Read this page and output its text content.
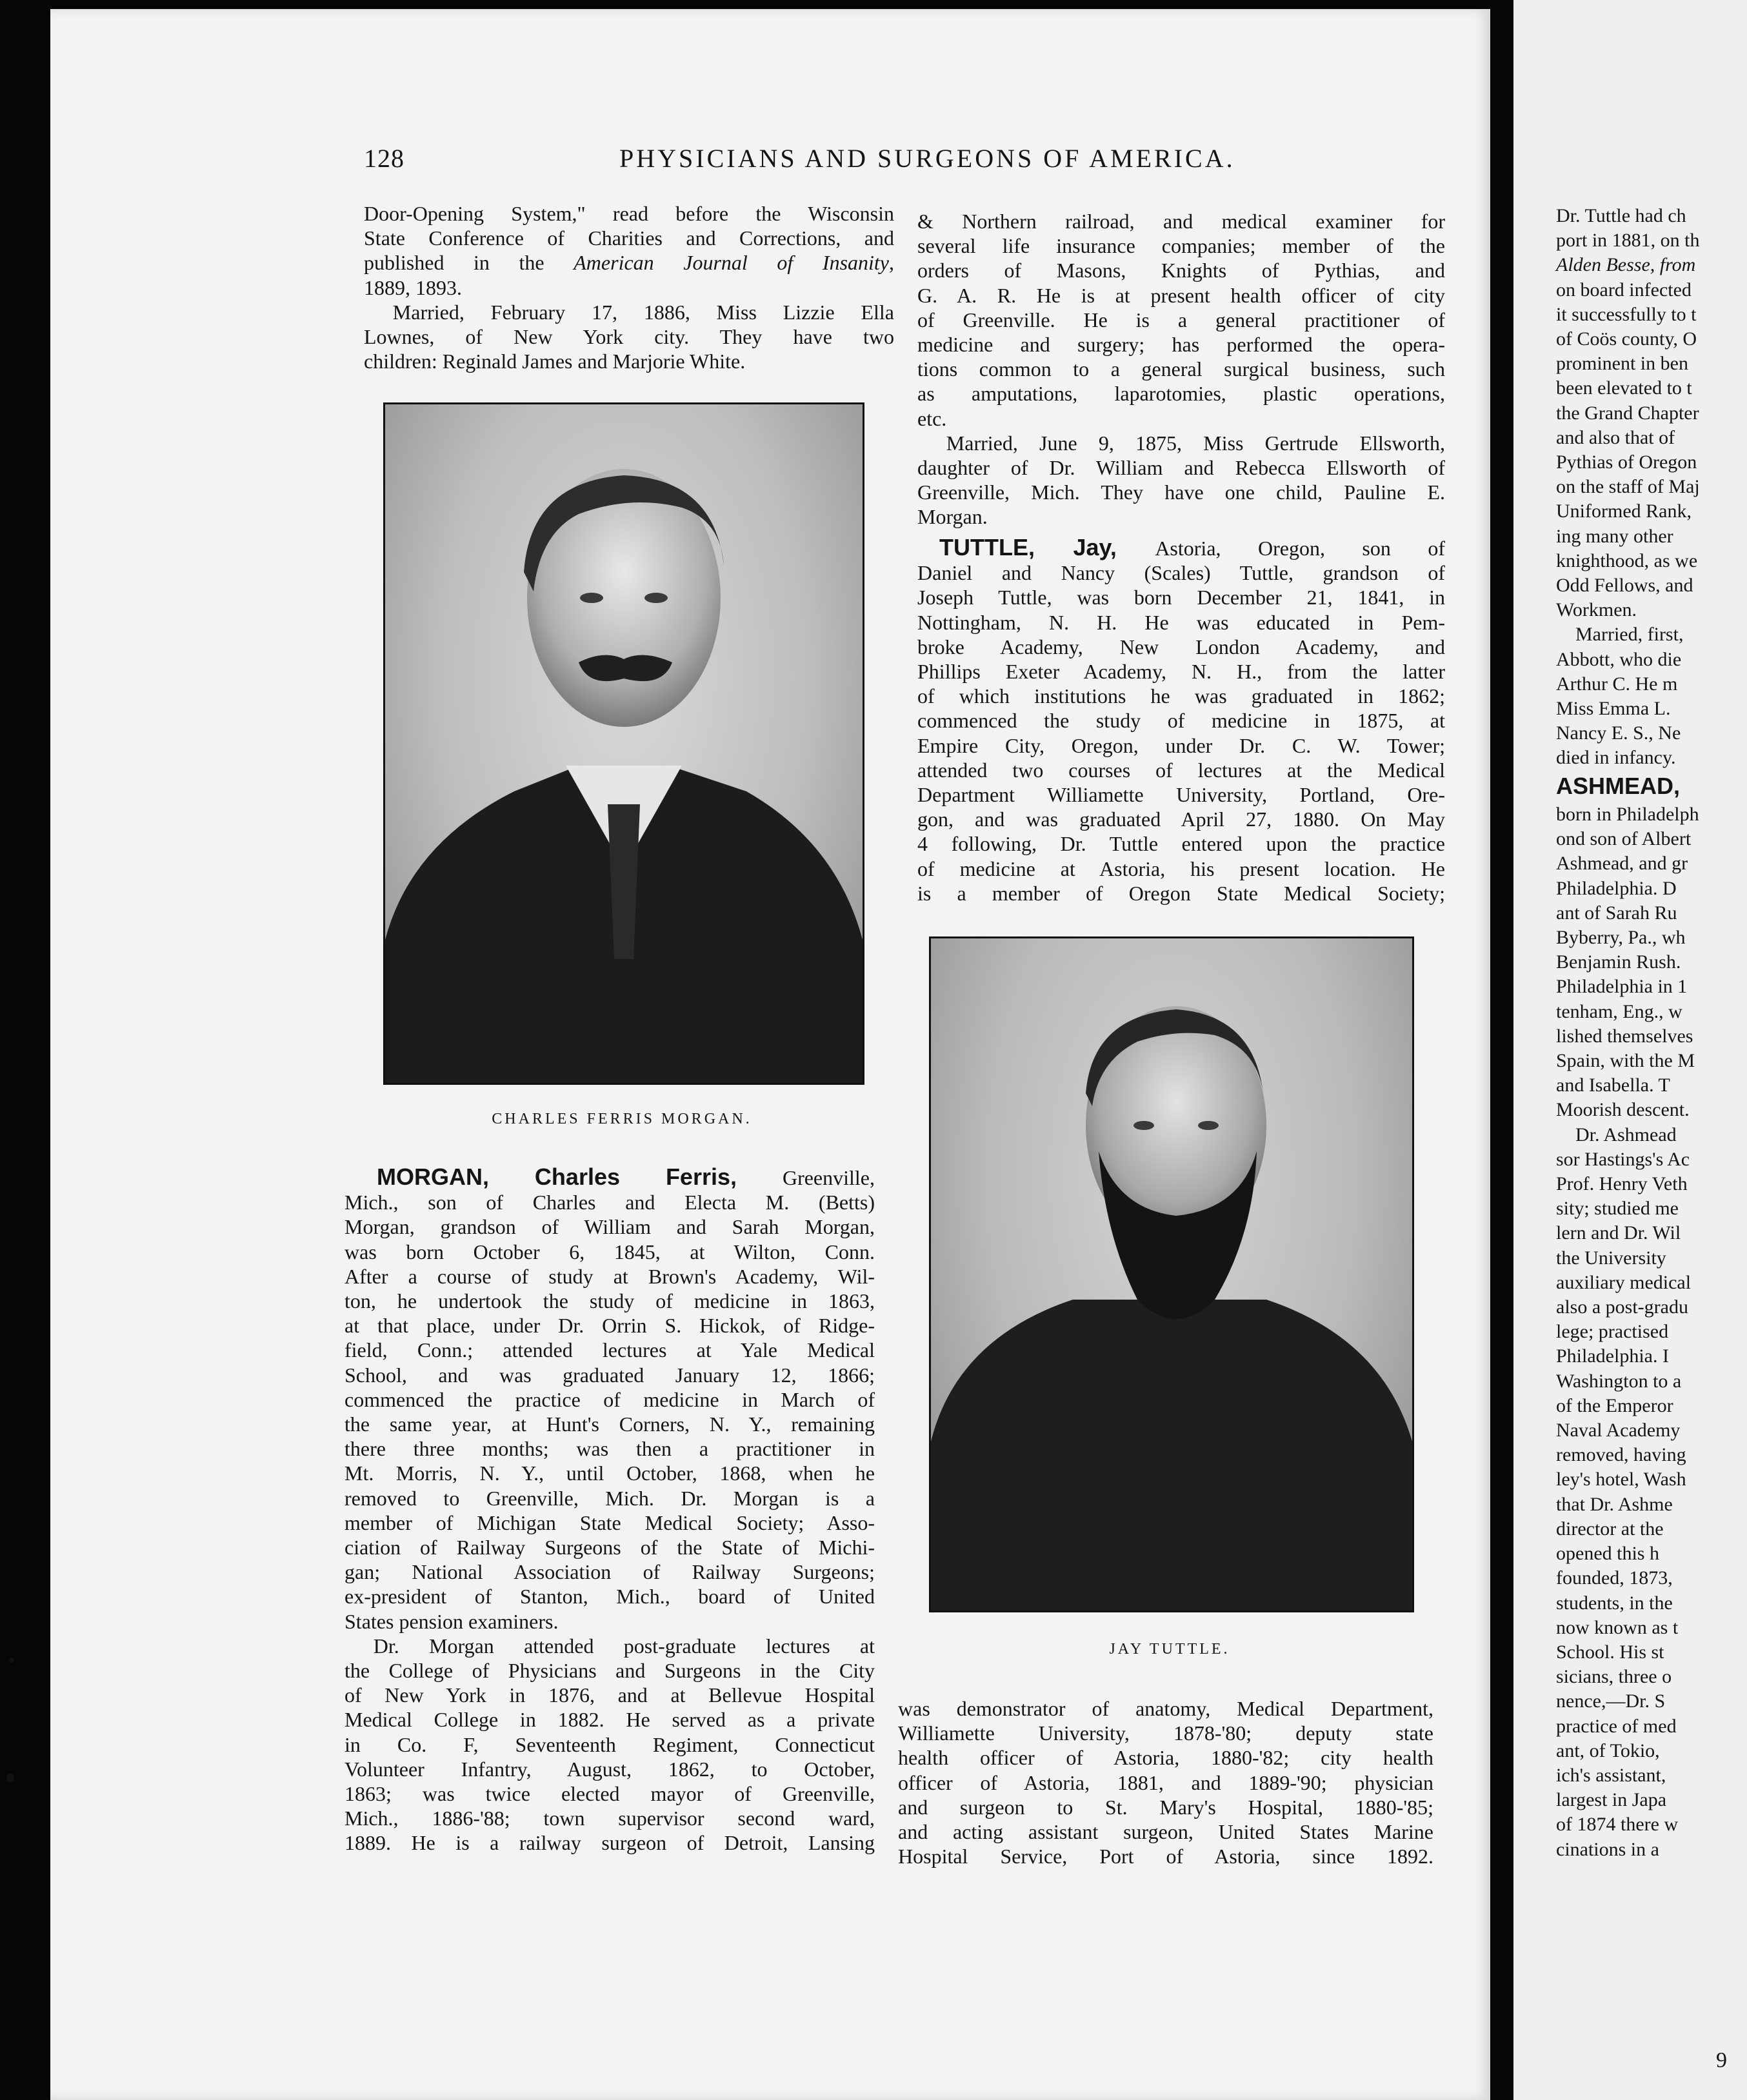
128	PHYSICIANS AND SURGEONS OF AMERICA.
Door-Opening System," read before the Wisconsin
State Conference of Charities and Corrections, and
published in the American Journal of Insanity,
1889, 1893.
Married, February 17, 1886, Miss Lizzie Ella
Lownes, of New York city. They have two
children: Reginald James and Marjorie White.
CHARLES FERRIS MORGAN.
MORGAN, Charles Ferris, Greenville,
Mich., son of Charles and Electa M. (Betts)
Morgan, grandson of William and Sarah Morgan,
was born October 6, 1845, at Wilton, Conn.
After a course of study at Brown's Academy, Wil-
ton, he undertook the study of medicine in 1863,
at that place, under Dr. Orrin S. Hickok, of Ridge-
field, Conn.; attended lectures at Yale Medical
School, and was graduated January 12, 1866;
commenced the practice of medicine in March of
the same year, at Hunt's Corners, N. Y., remaining
there three months; was then a practitioner in
Mt. Morris, N. Y., until October, 1868, when he
removed to Greenville, Mich. Dr. Morgan is a
member of Michigan State Medical Society; Asso-
ciation of Railway Surgeons of the State of Michi-
gan; National Association of Railway Surgeons;
ex-president of Stanton, Mich., board of United
States pension examiners.
Dr. Morgan attended post-graduate lectures at
the College of Physicians and Surgeons in the City
of New York in 1876, and at Bellevue Hospital
Medical College in 1882. He served as a private
in Co. F, Seventeenth Regiment, Connecticut
Volunteer Infantry, August, 1862, to October,
1863; was twice elected mayor of Greenville,
Mich., 1886-'88; town supervisor second ward,
1889. He is a railway surgeon of Detroit, Lansing
& Northern railroad, and medical examiner for
several life insurance companies; member of the
orders of Masons, Knights of Pythias, and
G. A. R. He is at present health officer of city
of Greenville. He is a general practitioner of
medicine and surgery; has performed the opera-
tions common to a general surgical business, such
as amputations, laparotomies, plastic operations,
etc.
Married, June 9, 1875, Miss Gertrude Ellsworth,
daughter of Dr. William and Rebecca Ellsworth of
Greenville, Mich. They have one child, Pauline E.
Morgan.
TUTTLE, Jay, Astoria, Oregon, son of
Daniel and Nancy (Scales) Tuttle, grandson of
Joseph Tuttle, was born December 21, 1841, in
Nottingham, N. H. He was educated in Pem-
broke Academy, New London Academy, and
Phillips Exeter Academy, N. H., from the latter
of which institutions he was graduated in 1862;
commenced the study of medicine in 1875, at
Empire City, Oregon, under Dr. C. W. Tower;
attended two courses of lectures at the Medical
Department Williamette University, Portland, Ore-
gon, and was graduated April 27, 1880. On May
4 following, Dr. Tuttle entered upon the practice
of medicine at Astoria, his present location. He
is a member of Oregon State Medical Society;
JAY TUTTLE.
was demonstrator of anatomy, Medical Department,
Williamette University, 1878-'80; deputy state
health officer of Astoria, 1880-'82; city health
officer of Astoria, 1881, and 1889-'90; physician
and surgeon to St. Mary's Hospital, 1880-'85;
and acting assistant surgeon, United States Marine
Hospital Service, Port of Astoria, since 1892.
Dr. Tuttle had ch
port in 1881, on th
Alden Besse, from
on board infected
it successfully to t
of Coös county, O
prominent in ben
been elevated to t
the Grand Chapter
and also that of
Pythias of Oregon
on the staff of Maj
Uniformed Rank,
ing many other
knighthood, as we
Odd Fellows, and
Workmen.
Married, first,
Abbott, who die
Arthur C. He m
Miss Emma L.
Nancy E. S., Ne
died in infancy.
ASHMEAD,
born in Philadelph
ond son of Albert
Ashmead, and gr
Philadelphia. D
ant of Sarah Ru
Byberry, Pa., wh
Benjamin Rush.
Philadelphia in 1
tenham, Eng., w
lished themselves
Spain, with the M
and Isabella. T
Moorish descent.
Dr. Ashmead
sor Hastings's Ac
Prof. Henry Veth
sity; studied me
lern and Dr. Wil
the University
auxiliary medical
also a post-gradu
lege; practised
Philadelphia. I
Washington to a
of the Emperor
Naval Academy
removed, having
ley's hotel, Wash
that Dr. Ashme
director at the
opened this h
founded, 1873,
students, in the
now known as t
School. His st
sicians, three o
nence,—Dr. S
practice of med
ant, of Tokio,
ich's assistant,
largest in Japa
of 1874 there w
cinations in a
9
